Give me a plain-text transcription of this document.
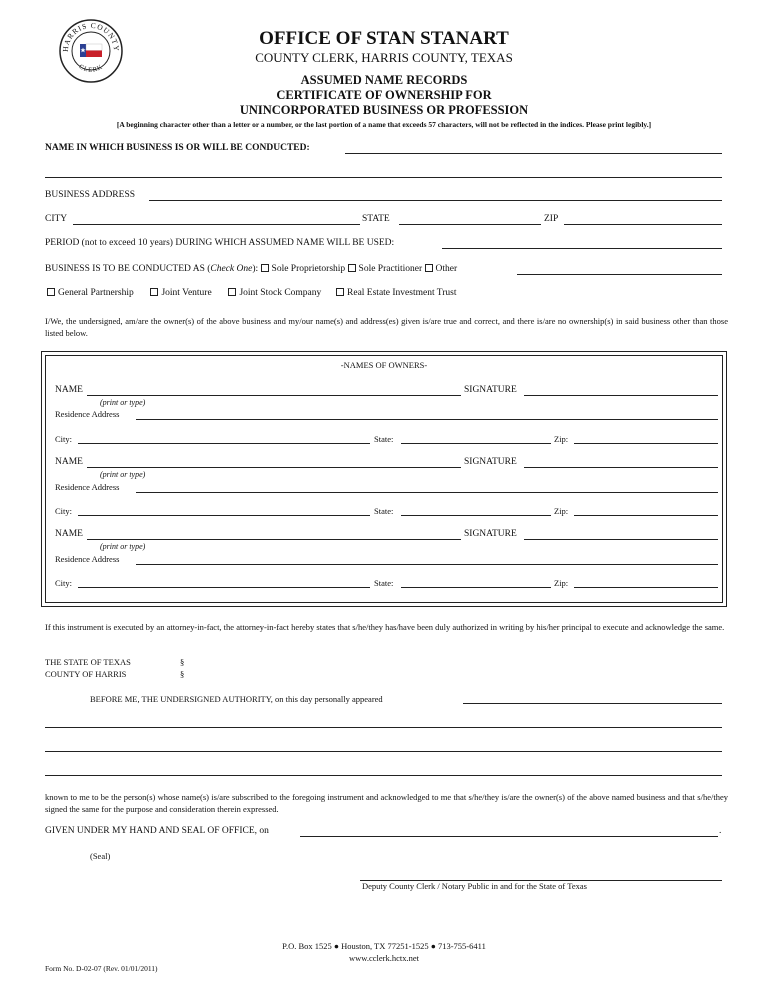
HARRIS COUNTY
CLERK
OFFICE OF STAN STANART
COUNTY CLERK, HARRIS COUNTY, TEXAS
ASSUMED NAME RECORDS
CERTIFICATE OF OWNERSHIP FOR
UNINCORPORATED BUSINESS OR PROFESSION
[A beginning character other than a letter or a number, or the last portion of a name that exceeds 57 characters, will not be reflected in the indices. Please print legibly.]
NAME IN WHICH BUSINESS IS OR WILL BE CONDUCTED:
BUSINESS ADDRESS
CITY	STATE	ZIP
PERIOD (not to exceed 10 years) DURING WHICH ASSUMED NAME WILL BE USED:
BUSINESS IS TO BE CONDUCTED AS (Check One): Sole Proprietorship Sole Practitioner Other
General Partnership	Joint Venture	Joint Stock Company	Real Estate Investment Trust
I/We, the undersigned, am/are the owner(s) of the above business and my/our name(s) and address(es) given is/are true and correct, and there is/are no ownership(s) in said business other than those listed below.
-NAMES OF OWNERS-
NAME	SIGNATURE
(print or type)
Residence Address
City:	State:	Zip:
NAME	SIGNATURE
(print or type)
Residence Address
City:	State:	Zip:
NAME	SIGNATURE
(print or type)
Residence Address
City:	State:	Zip:
If this instrument is executed by an attorney-in-fact, the attorney-in-fact hereby states that s/he/they has/have been duly authorized in writing by his/her principal to execute and acknowledge the same.
THE STATE OF TEXAS	§
COUNTY OF HARRIS	§
BEFORE ME, THE UNDERSIGNED AUTHORITY, on this day personally appeared
known to me to be the person(s) whose name(s) is/are subscribed to the foregoing instrument and acknowledged to me that s/he/they is/are the owner(s) of the above named business and that s/he/they signed the same for the purpose and consideration therein expressed.
GIVEN UNDER MY HAND AND SEAL OF OFFICE, on	.
(Seal)
Deputy County Clerk / Notary Public in and for the State of Texas
P.O. Box 1525 ● Houston, TX 77251-1525 ● 713-755-6411
www.cclerk.hctx.net
Form No. D-02-07 (Rev. 01/01/2011)
